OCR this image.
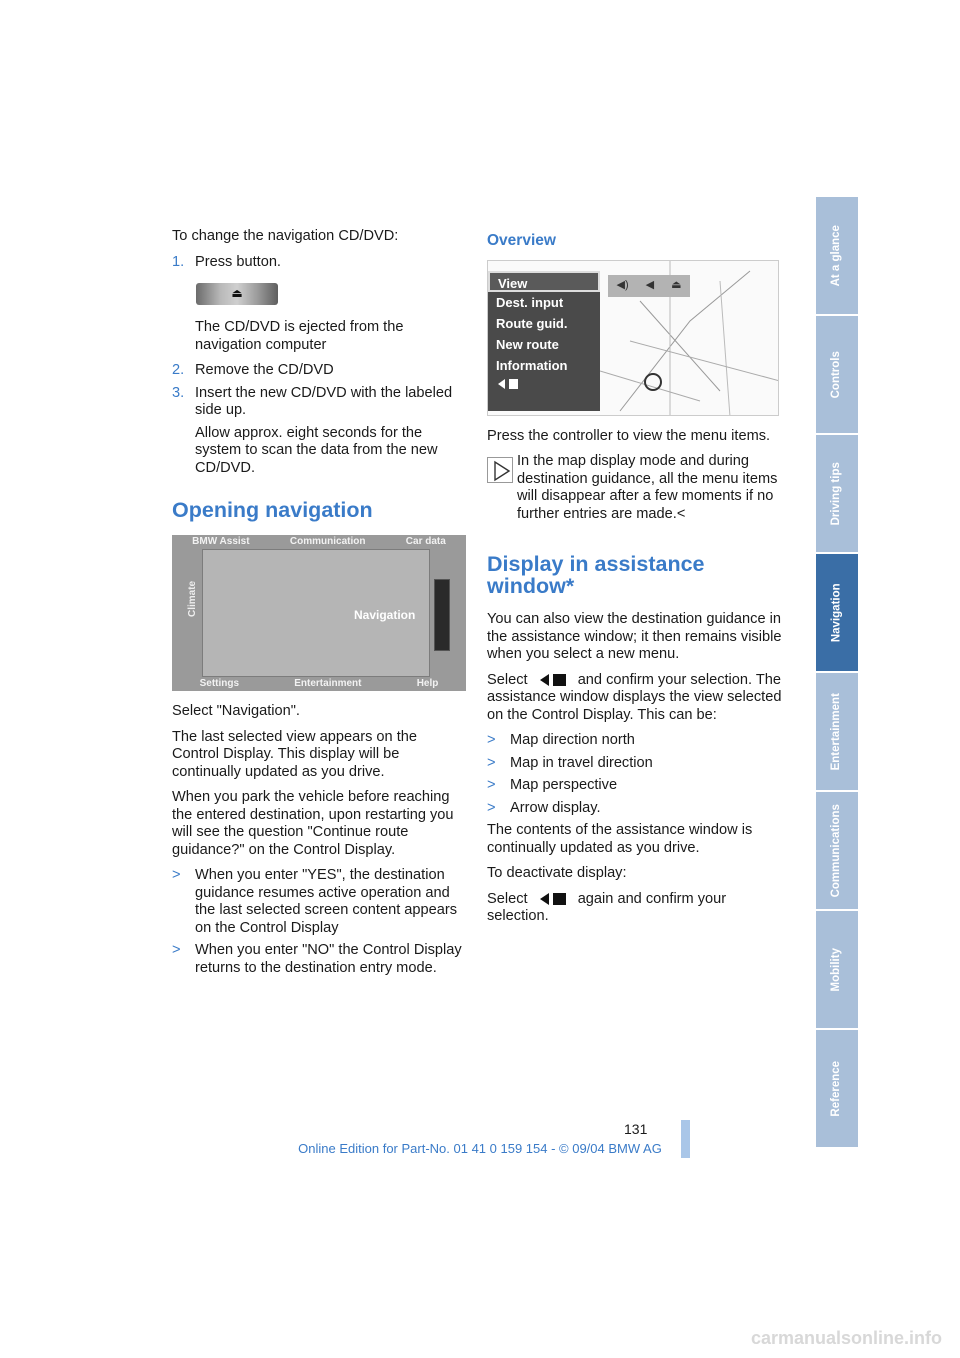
To change the navigation CD/DVD:

1. Press button.
⏏

The CD/DVD is ejected from the navigation computer

2. Remove the CD/DVD
3. Insert the new CD/DVD with the labeled side up.

Allow approx. eight seconds for the system to scan the data from the new CD/DVD.

Opening navigation
BMW Assist	Communication	Car data
Climate	Navigation
Settings	Entertainment	Help

Select "Navigation".

The last selected view appears on the Control Display. This display will be continually updated as you drive.

When you park the vehicle before reaching the entered destination, upon restarting you will see the question "Continue route guidance?" on the Control Display.

> When you enter "YES", the destination guidance resumes active operation and the last selected screen content appears on the Control Display
> When you enter "NO" the Control Display returns to the destination entry mode.
Overview
View
Dest. input
Route guid.
New route
Information
◀) ◀ ⏏

Press the controller to view the menu items.

In the map display mode and during destination guidance, all the menu items will disappear after a few moments if no further entries are made.<

Display in assistance window*

You can also view the destination guidance in the assistance window; it then remains visible when you select a new menu.

Select	and confirm your selection. The assistance window displays the view selected on the Control Display. This can be:

> Map direction north
> Map in travel direction
> Map perspective
> Arrow display.

The contents of the assistance window is continually updated as you drive.

To deactivate display:

Select	again and confirm your selection.

At a glance
Controls
Driving tips
Navigation
Entertainment
Communications
Mobility
Reference
131
Online Edition for Part-No. 01 41 0 159 154 - © 09/04 BMW AG
carmanualsonline.info
